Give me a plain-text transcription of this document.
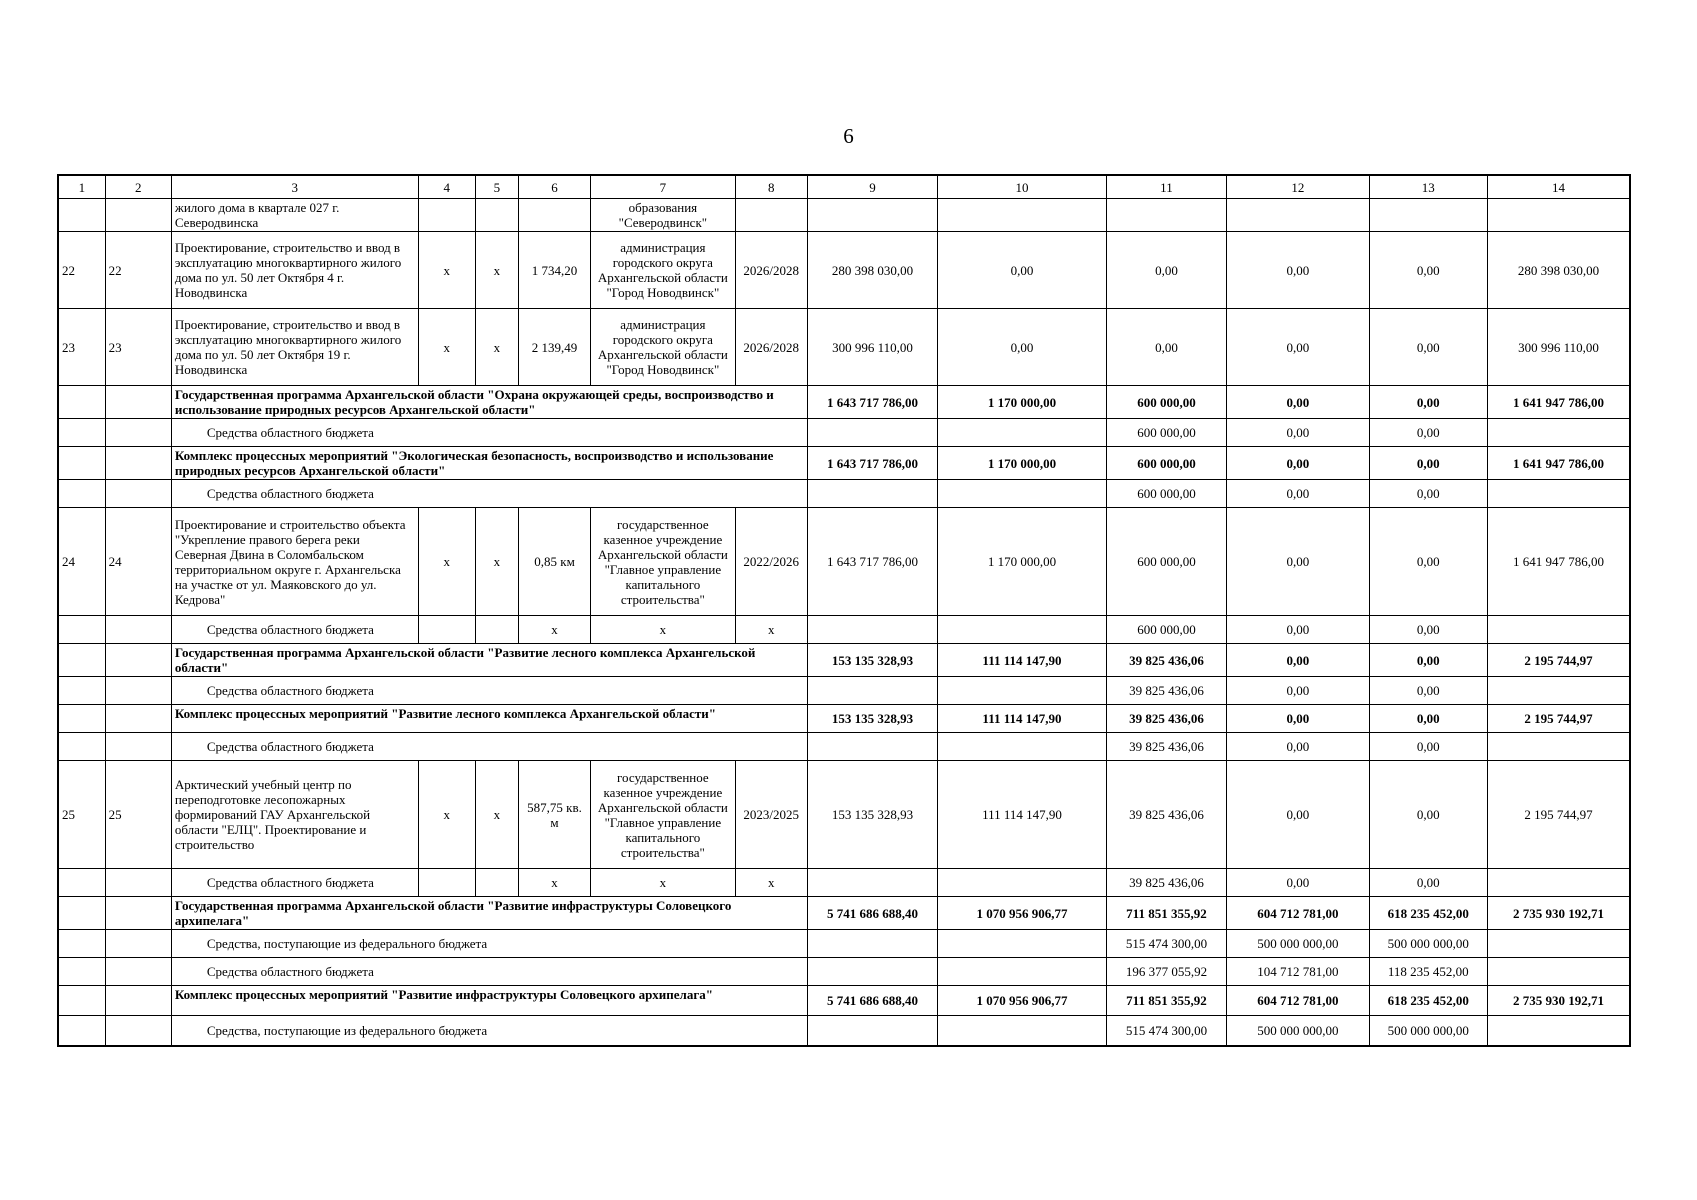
6
1	2	3	4	5	6	7	8	9	10	11	12	13	14
		жилого дома в квартале 027 г. Северодвинска				образования "Северодвинск"							
22	22	Проектирование, строительство и ввод в эксплуатацию многоквартирного жилого дома по ул. 50 лет Октября 4 г. Новодвинска	х	х	1 734,20	администрация городского округа Архангельской области "Город Новодвинск"	2026/2028	280 398 030,00	0,00	0,00	0,00	0,00	280 398 030,00
23	23	Проектирование, строительство и ввод в эксплуатацию многоквартирного жилого дома по ул. 50 лет Октября 19 г. Новодвинска	х	х	2 139,49	администрация городского округа Архангельской области "Город Новодвинск"	2026/2028	300 996 110,00	0,00	0,00	0,00	0,00	300 996 110,00
		Государственная программа Архангельской области "Охрана окружающей среды, воспроизводство и использование природных ресурсов Архангельской области"						1 643 717 786,00	1 170 000,00	600 000,00	0,00	0,00	1 641 947 786,00
		Средства областного бюджета								600 000,00	0,00	0,00	
		Комплекс процессных мероприятий "Экологическая безопасность, воспроизводство и использование природных ресурсов Архангельской области"						1 643 717 786,00	1 170 000,00	600 000,00	0,00	0,00	1 641 947 786,00
		Средства областного бюджета								600 000,00	0,00	0,00	
24	24	Проектирование и строительство объекта "Укрепление правого берега реки Северная Двина в Соломбальском территориальном округе г. Архангельска на участке от ул. Маяковского до ул. Кедрова"	х	х	0,85 км	государственное казенное учреждение Архангельской области "Главное управление капитального строительства"	2022/2026	1 643 717 786,00	1 170 000,00	600 000,00	0,00	0,00	1 641 947 786,00
		Средства областного бюджета			х	х	х			600 000,00	0,00	0,00	
		Государственная программа Архангельской области "Развитие лесного комплекса Архангельской области"						153 135 328,93	111 114 147,90	39 825 436,06	0,00	0,00	2 195 744,97
		Средства областного бюджета								39 825 436,06	0,00	0,00	
		Комплекс процессных мероприятий "Развитие лесного комплекса Архангельской области"						153 135 328,93	111 114 147,90	39 825 436,06	0,00	0,00	2 195 744,97
		Средства областного бюджета								39 825 436,06	0,00	0,00	
25	25	Арктический учебный центр по переподготовке лесопожарных формирований ГАУ Архангельской области "ЕЛЦ". Проектирование и строительство	х	х	587,75 кв. м	государственное казенное учреждение Архангельской области "Главное управление капитального строительства"	2023/2025	153 135 328,93	111 114 147,90	39 825 436,06	0,00	0,00	2 195 744,97
		Средства областного бюджета			х	х	х			39 825 436,06	0,00	0,00	
		Государственная программа Архангельской области "Развитие инфраструктуры Соловецкого архипелага"						5 741 686 688,40	1 070 956 906,77	711 851 355,92	604 712 781,00	618 235 452,00	2 735 930 192,71
		Средства, поступающие из федерального бюджета								515 474 300,00	500 000 000,00	500 000 000,00	
		Средства областного бюджета								196 377 055,92	104 712 781,00	118 235 452,00	
		Комплекс процессных мероприятий "Развитие инфраструктуры Соловецкого архипелага"						5 741 686 688,40	1 070 956 906,77	711 851 355,92	604 712 781,00	618 235 452,00	2 735 930 192,71
		Средства, поступающие из федерального бюджета								515 474 300,00	500 000 000,00	500 000 000,00	
